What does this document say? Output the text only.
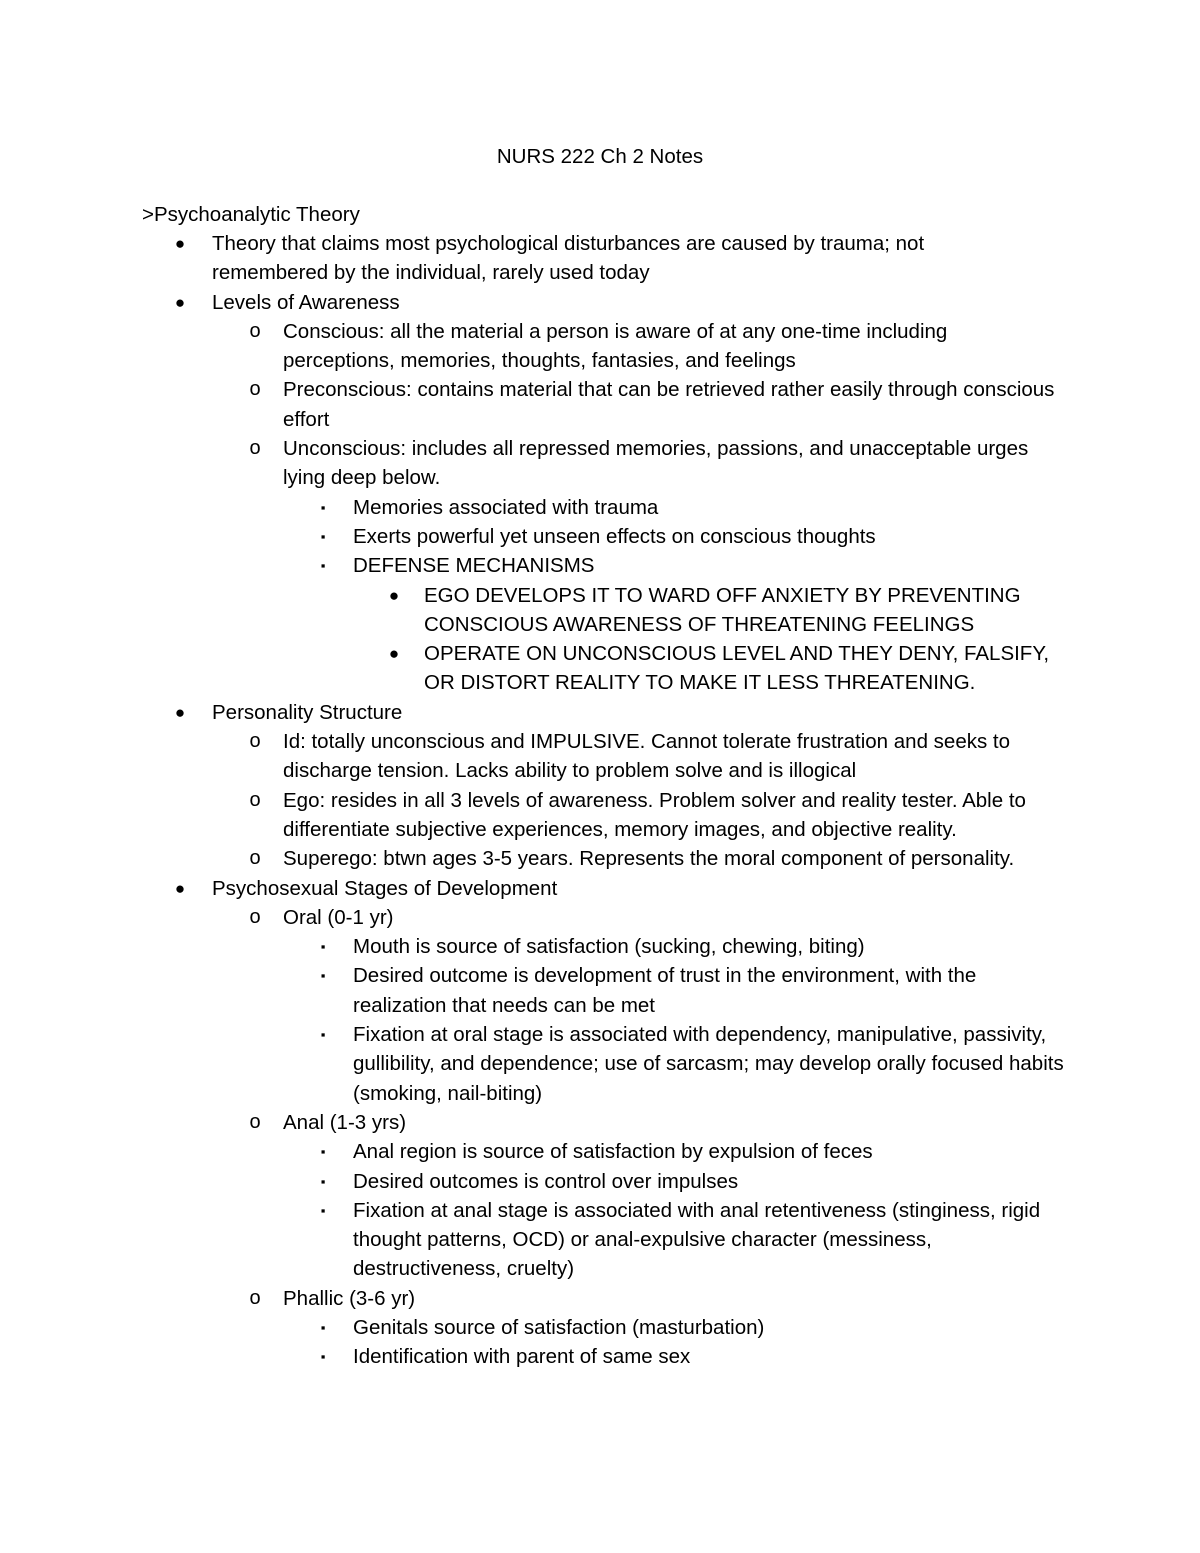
NURS 222 Ch 2 Notes
>Psychoanalytic Theory
●	Theory that claims most psychological disturbances are caused by trauma; not remembered by the individual, rarely used today
●	Levels of Awareness
o	Conscious: all the material a person is aware of at any one-time including perceptions, memories, thoughts, fantasies, and feelings
o	Preconscious: contains material that can be retrieved rather easily through conscious effort
o	Unconscious: includes all repressed memories, passions, and unacceptable urges lying deep below.
▪	Memories associated with trauma
▪	Exerts powerful yet unseen effects on conscious thoughts
▪	DEFENSE MECHANISMS
●	EGO DEVELOPS IT TO WARD OFF ANXIETY BY PREVENTING CONSCIOUS AWARENESS OF THREATENING FEELINGS
●	OPERATE ON UNCONSCIOUS LEVEL AND THEY DENY, FALSIFY, OR DISTORT REALITY TO MAKE IT LESS THREATENING.
●	Personality Structure
o	Id: totally unconscious and IMPULSIVE. Cannot tolerate frustration and seeks to discharge tension. Lacks ability to problem solve and is illogical
o	Ego: resides in all 3 levels of awareness. Problem solver and reality tester. Able to differentiate subjective experiences, memory images, and objective reality.
o	Superego: btwn ages 3-5 years. Represents the moral component of personality.
●	Psychosexual Stages of Development
o	Oral (0-1 yr)
▪	Mouth is source of satisfaction (sucking, chewing, biting)
▪	Desired outcome is development of trust in the environment, with the realization that needs can be met
▪	Fixation at oral stage is associated with dependency, manipulative, passivity, gullibility, and dependence; use of sarcasm; may develop orally focused habits (smoking, nail-biting)
o	Anal (1-3 yrs)
▪	Anal region is source of satisfaction by expulsion of feces
▪	Desired outcomes is control over impulses
▪	Fixation at anal stage is associated with anal retentiveness (stinginess, rigid thought patterns, OCD) or anal-expulsive character (messiness, destructiveness, cruelty)
o	Phallic (3-6 yr)
▪	Genitals source of satisfaction (masturbation)
▪	Identification with parent of same sex
